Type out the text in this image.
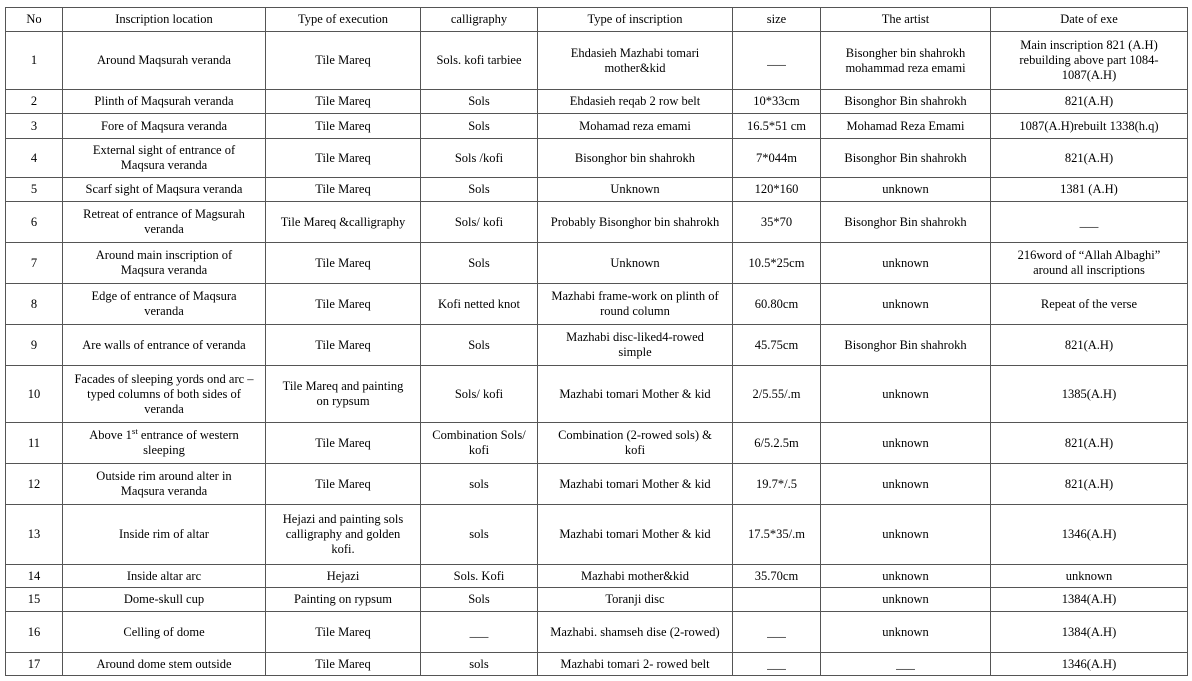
No	Inscription location	Type of execution	calligraphy	Type of inscription	size	The artist	Date of exe
1	Around Maqsurah veranda	Tile Mareq	Sols. kofi tarbiee	Ehdasieh Mazhabi tomari mother&kid	___	Bisongher bin shahrokh mohammad reza emami	Main inscription 821 (A.H) rebuilding above part 1084-1087(A.H)
2	Plinth of Maqsurah veranda	Tile Mareq	Sols	Ehdasieh reqab 2 row belt	10*33cm	Bisonghor Bin shahrokh	821(A.H)
3	Fore of Maqsura veranda	Tile Mareq	Sols	Mohamad reza emami	16.5*51 cm	Mohamad Reza Emami	1087(A.H)rebuilt 1338(h.q)
4	External sight of entrance of Maqsura veranda	Tile Mareq	Sols /kofi	Bisonghor bin shahrokh	7*044m	Bisonghor Bin shahrokh	821(A.H)
5	Scarf sight of Maqsura veranda	Tile Mareq	Sols	Unknown	120*160	unknown	1381 (A.H)
6	Retreat of entrance of Magsurah veranda	Tile Mareq &calligraphy	Sols/ kofi	Probably Bisonghor bin shahrokh	35*70	Bisonghor Bin shahrokh	___
7	Around main inscription of Maqsura veranda	Tile Mareq	Sols	Unknown	10.5*25cm	unknown	216word of “Allah Albaghi” around all inscriptions
8	Edge of entrance of Maqsura veranda	Tile Mareq	Kofi netted knot	Mazhabi frame-work on plinth of round column	60.80cm	unknown	Repeat of the verse
9	Are walls of entrance of veranda	Tile Mareq	Sols	Mazhabi disc-liked4-rowed simple	45.75cm	Bisonghor Bin shahrokh	821(A.H)
10	Facades of sleeping yords ond arc – typed columns of both sides of veranda	Tile Mareq and painting on rypsum	Sols/ kofi	Mazhabi tomari Mother & kid	2/5.55/.m	unknown	1385(A.H)
11	Above 1st entrance of western sleeping	Tile Mareq	Combination Sols/ kofi	Combination (2-rowed sols) & kofi	6/5.2.5m	unknown	821(A.H)
12	Outside rim around alter in Maqsura veranda	Tile Mareq	sols	Mazhabi tomari Mother & kid	19.7*/.5	unknown	821(A.H)
13	Inside rim of altar	Hejazi and painting sols calligraphy and golden kofi.	sols	Mazhabi tomari Mother & kid	17.5*35/.m	unknown	1346(A.H)
14	Inside altar arc	Hejazi	Sols. Kofi	Mazhabi mother&kid	35.70cm	unknown	unknown
15	Dome-skull cup	Painting on rypsum	Sols	Toranji disc		unknown	1384(A.H)
16	Celling of dome	Tile Mareq	___	Mazhabi. shamseh dise (2-rowed)	___	unknown	1384(A.H)
17	Around dome stem outside	Tile Mareq	sols	Mazhabi tomari 2- rowed belt	___	___	1346(A.H)
